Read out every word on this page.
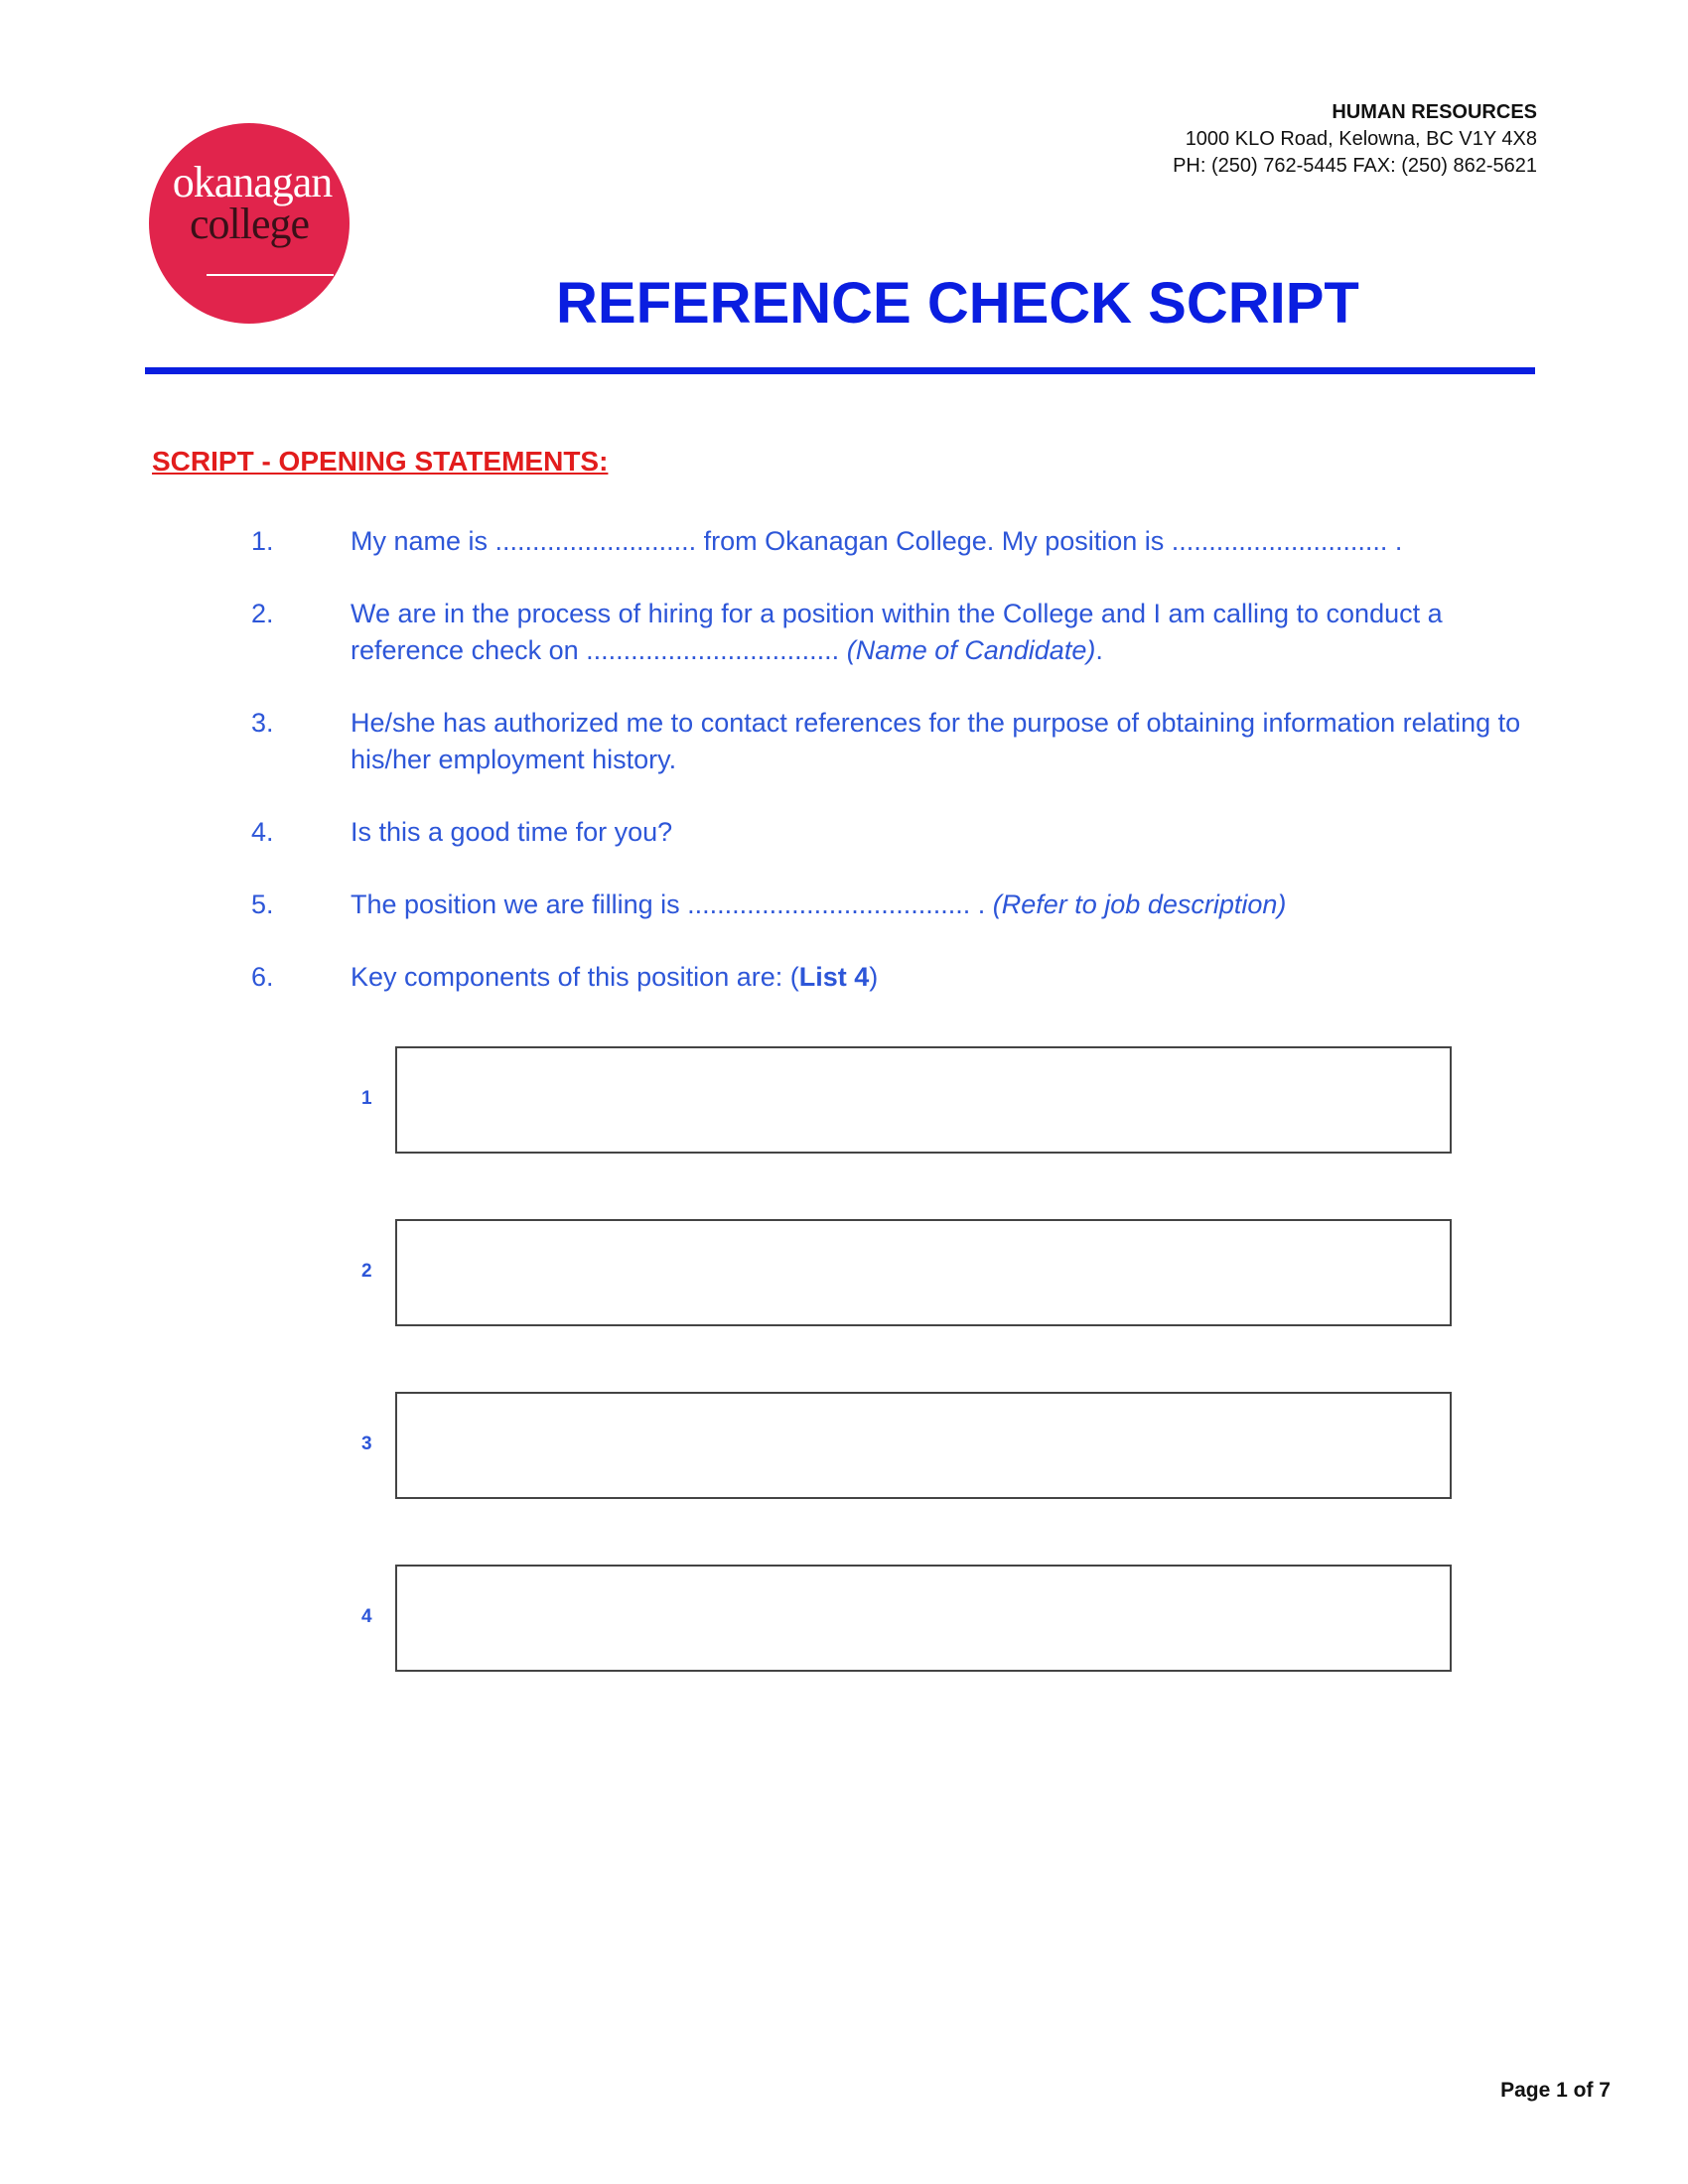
okanagan
college
HUMAN RESOURCES
1000 KLO Road, Kelowna, BC V1Y 4X8
PH: (250) 762-5445 FAX: (250) 862-5621
REFERENCE CHECK SCRIPT
SCRIPT - OPENING STATEMENTS:
1.	My name is ........................... from Okanagan College. My position is ............................. .
2.	We are in the process of hiring for a position within the College and I am calling to conduct a reference check on .................................. (Name of Candidate).
3.	He/she has authorized me to contact references for the purpose of obtaining information relating to his/her employment history.
4.	Is this a good time for you?
5.	The position we are filling is ...................................... . (Refer to job description)
6.	Key components of this position are: (List 4)
1
2
3
4
Page 1 of 7
